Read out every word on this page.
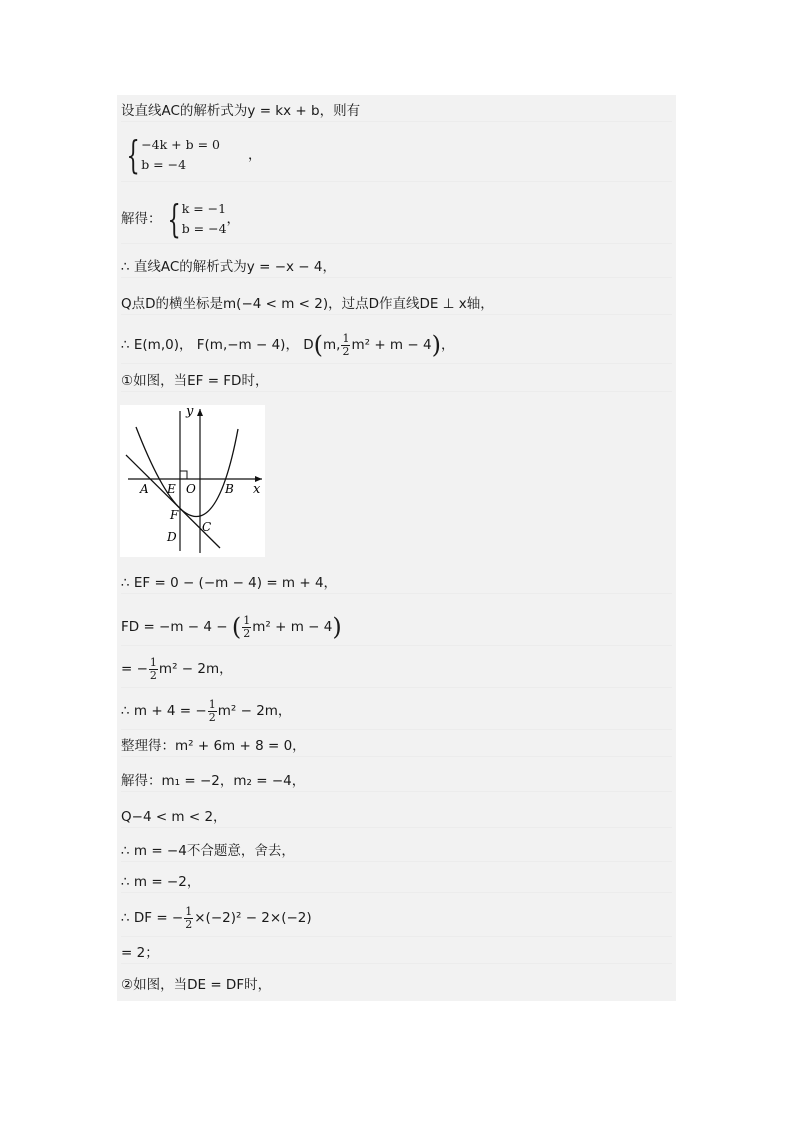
设直线AC的解析式为y = kx + b，则有
{ −4k + b = 0
b = −4
，
解得： { k = −1
b = −4
，
∴ 直线AC的解析式为y = −x − 4，
Q点D的横坐标是m(−4 < m < 2)，过点D作直线DE ⊥ x轴，
∴ E(m,0)， F(m,−m − 4)， D(m, $\frac{1}{2} m^2 + m - 4$)，
①如图，当EF = FD时，
y
x
A E O B
F
C
D
∴ EF = 0 − (−m − 4) = m + 4，
FD = −m − 4 − ( $\frac{1}{2} m^2 + m - 4$)
= − $\frac{1}{2} m^2 - 2m$，
∴ m + 4 = − $\frac{1}{2} m^2 - 2m$，
整理得：m² + 6m + 8 = 0，
解得：m₁ = −2，m₂ = −4，
Q−4 < m < 2，
∴ m = −4不合题意，舍去，
∴ m = −2，
∴ DF = − $\frac{1}{2} \times(-2)^2 - 2\times(-2)$
= 2；
②如图，当DE = DF时，
